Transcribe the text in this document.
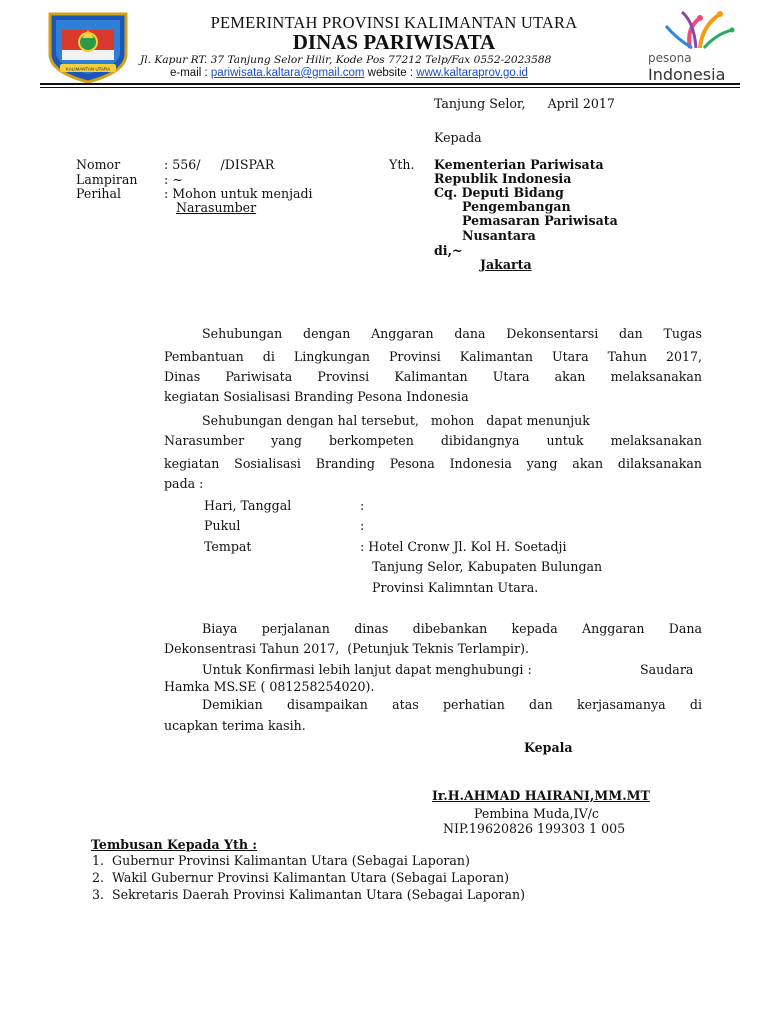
KALIMANTAN UTARA
PEMERINTAH PROVINSI KALIMANTAN UTARA
DINAS PARIWISATA
Jl. Kapur RT. 37 Tanjung Selor Hilir, Kode Pos 77212 Telp/Fax 0552-2023588
e-mail : pariwisata.kaltara@gmail.com website : www.kaltaraprov.go.id
pesona
Indonesia
Tanjung Selor, April 2017
Kepada
Nomor	: 556/     /DISPAR
Lampiran : ~
Perihal	: Mohon untuk menjadi
Narasumber
Yth. Kementerian Pariwisata
Republik Indonesia
Cq. Deputi Bidang
Pengembangan
Pemasaran Pariwisata
Nusantara
di,~
Jakarta
Sehubungan dengan Anggaran dana Dekonsentarsi dan Tugas
Pembantuan di Lingkungan Provinsi Kalimantan Utara Tahun 2017,
Dinas Pariwisata Provinsi Kalimantan Utara akan melaksanakan
kegiatan Sosialisasi Branding Pesona Indonesia
Sehubungan dengan hal tersebut,   mohon   dapat menunjuk
Narasumber yang berkompeten dibidangnya untuk melaksanakan
kegiatan Sosialisasi Branding Pesona Indonesia yang akan dilaksanakan
pada :
Hari, Tanggal	:
Pukul	:
Tempat	: Hotel Cronw Jl. Kol H. Soetadji
Tanjung Selor, Kabupaten Bulungan
Provinsi Kalimntan Utara.
Biaya perjalanan dinas dibebankan kepada Anggaran Dana
Dekonsentrasi Tahun 2017,  (Petunjuk Teknis Terlampir).
Untuk Konfirmasi lebih lanjut dapat menghubungi :	Saudara
Hamka MS.SE ( 081258254020).
Demikian disampaikan atas perhatian dan kerjasamanya di
ucapkan terima kasih.
Kepala
Ir.H.AHMAD HAIRANI,MM.MT
Pembina Muda,IV/c
NIP.19620826 199303 1 005
Tembusan Kepada Yth :
1.  Gubernur Provinsi Kalimantan Utara (Sebagai Laporan)
2.  Wakil Gubernur Provinsi Kalimantan Utara (Sebagai Laporan)
3.  Sekretaris Daerah Provinsi Kalimantan Utara (Sebagai Laporan)
